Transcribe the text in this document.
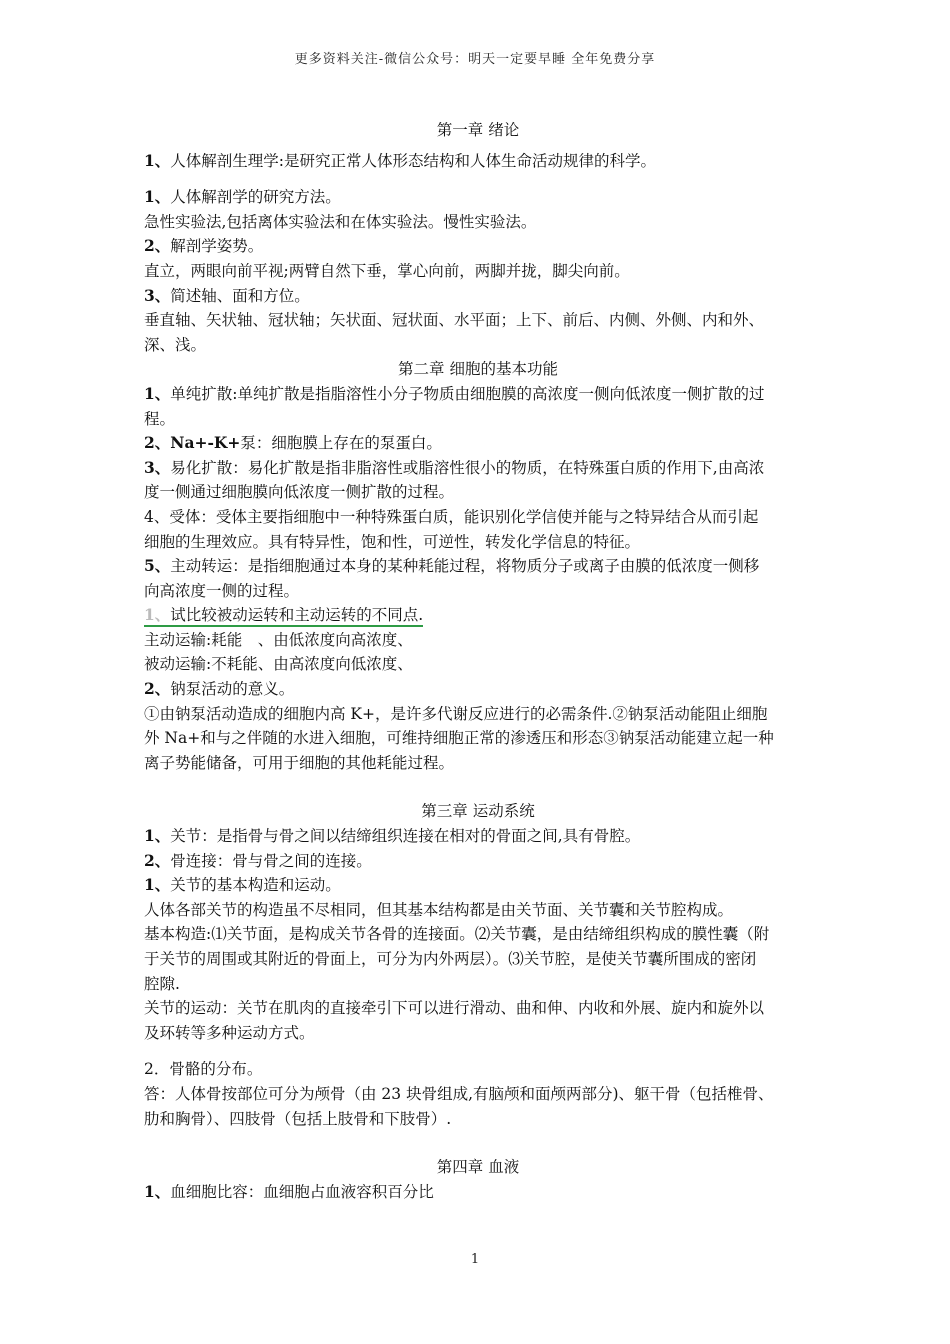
更多资料关注-微信公众号：明天一定要早睡 全年免费分享
第一章 绪论
1、人体解剖生理学:是研究正常人体形态结构和人体生命活动规律的科学。
1、人体解剖学的研究方法。
急性实验法,包括离体实验法和在体实验法。慢性实验法。
2、解剖学姿势。
直立，两眼向前平视;两臂自然下垂，掌心向前，两脚并拢，脚尖向前。
3、简述轴、面和方位。
垂直轴、矢状轴、冠状轴；矢状面、冠状面、水平面；上下、前后、内侧、外侧、内和外、
深、浅。
第二章 细胞的基本功能
1、单纯扩散:单纯扩散是指脂溶性小分子物质由细胞膜的高浓度一侧向低浓度一侧扩散的过
程。
2、Na+-K+泵：细胞膜上存在的泵蛋白。
3、易化扩散：易化扩散是指非脂溶性或脂溶性很小的物质，在特殊蛋白质的作用下,由高浓
度一侧通过细胞膜向低浓度一侧扩散的过程。
4、受体：受体主要指细胞中一种特殊蛋白质，能识别化学信使并能与之特异结合从而引起
细胞的生理效应。具有特异性，饱和性，可逆性，转发化学信息的特征。
5、主动转运：是指细胞通过本身的某种耗能过程，将物质分子或离子由膜的低浓度一侧移
向高浓度一侧的过程。
1、试比较被动运转和主动运转的不同点.
主动运输:耗能　、由低浓度向高浓度、
被动运输:不耗能、由高浓度向低浓度、
2、钠泵活动的意义。
①由钠泵活动造成的细胞内高 K+，是许多代谢反应进行的必需条件.②钠泵活动能阻止细胞
外 Na+和与之伴随的水进入细胞，可维持细胞正常的渗透压和形态③钠泵活动能建立起一种
离子势能储备，可用于细胞的其他耗能过程。
第三章 运动系统
1、关节：是指骨与骨之间以结缔组织连接在相对的骨面之间,具有骨腔。
2、骨连接：骨与骨之间的连接。
1、关节的基本构造和运动。
人体各部关节的构造虽不尽相同，但其基本结构都是由关节面、关节囊和关节腔构成。
基本构造:⑴关节面，是构成关节各骨的连接面。⑵关节囊，是由结缔组织构成的膜性囊（附
于关节的周围或其附近的骨面上，可分为内外两层）。⑶关节腔，是使关节囊所围成的密闭
腔隙.
关节的运动：关节在肌肉的直接牵引下可以进行滑动、曲和伸、内收和外展、旋内和旋外以
及环转等多种运动方式。
2．骨骼的分布。
答：人体骨按部位可分为颅骨（由 23 块骨组成,有脑颅和面颅两部分)、躯干骨（包括椎骨、
肋和胸骨）、四肢骨（包括上肢骨和下肢骨）.
第四章 血液
1、血细胞比容：血细胞占血液容积百分比
1
